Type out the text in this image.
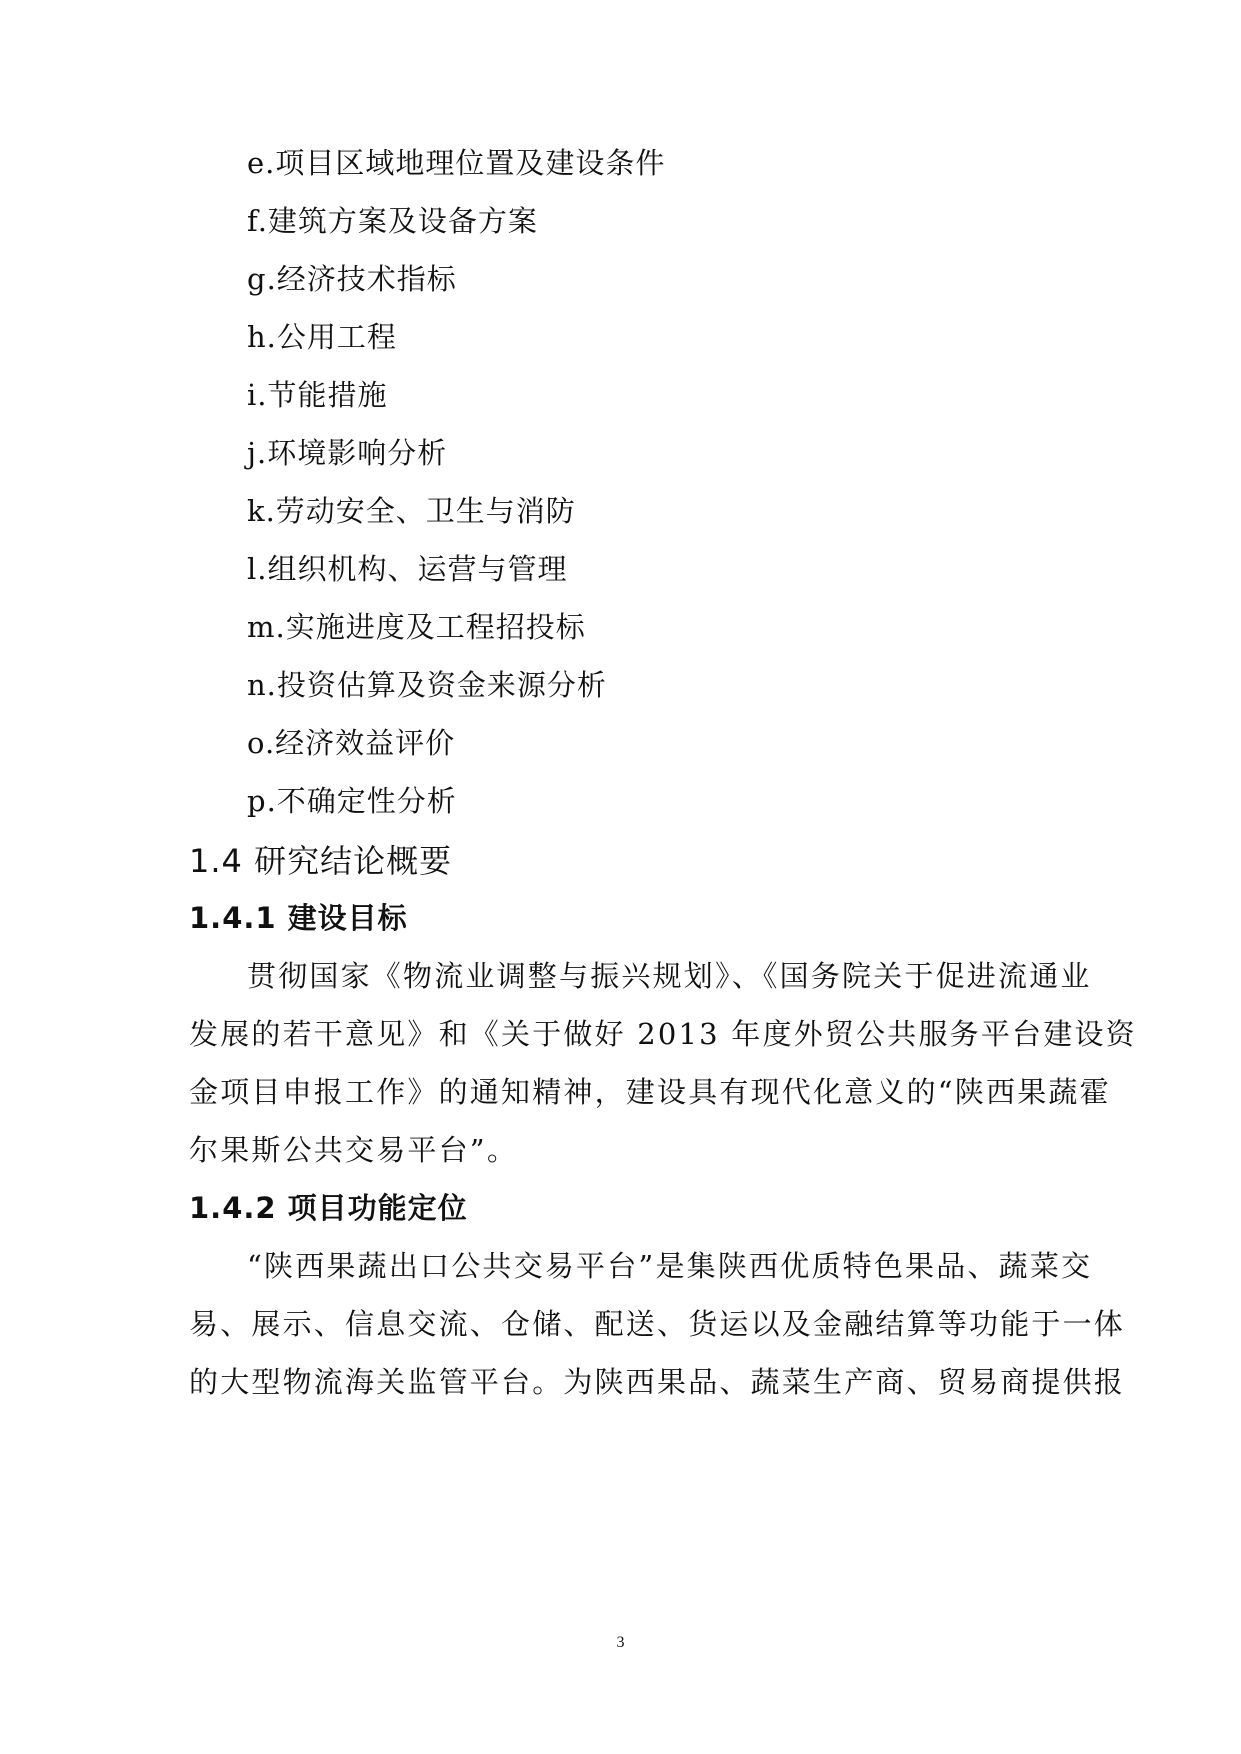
e.项目区域地理位置及建设条件
f.建筑方案及设备方案
g.经济技术指标
h.公用工程
i.节能措施
j.环境影响分析
k.劳动安全、卫生与消防
l.组织机构、运营与管理
m.实施进度及工程招投标
n.投资估算及资金来源分析
o.经济效益评价
p.不确定性分析
1.4 研究结论概要
1.4.1 建设目标
贯彻国家《物流业调整与振兴规划》、《国务院关于促进流通业
发展的若干意见》和《关于做好 2013 年度外贸公共服务平台建设资
金项目申报工作》的通知精神，建设具有现代化意义的“陕西果蔬霍
尔果斯公共交易平台”。
1.4.2 项目功能定位
“陕西果蔬出口公共交易平台”是集陕西优质特色果品、蔬菜交
易、展示、信息交流、仓储、配送、货运以及金融结算等功能于一体
的大型物流海关监管平台。为陕西果品、蔬菜生产商、贸易商提供报
3
